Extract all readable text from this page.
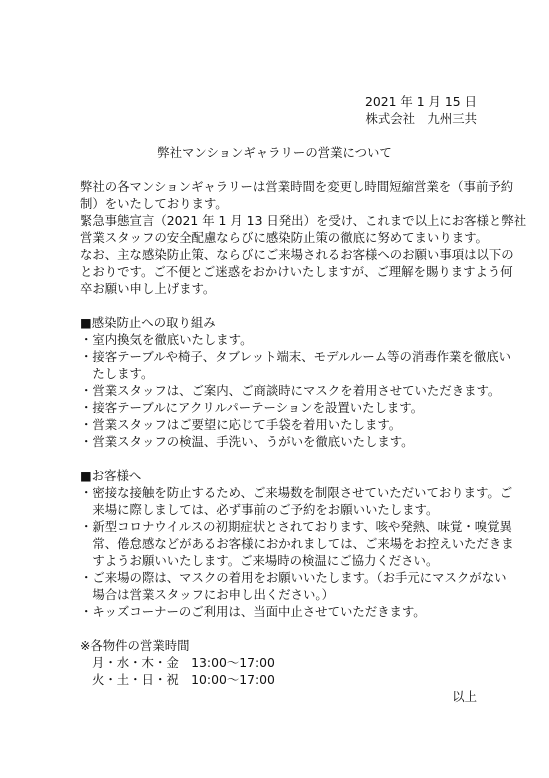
2021 年 1 月 15 日
株式会社　九州三共
弊社マンションギャラリーの営業について
弊社の各マンションギャラリーは営業時間を変更し時間短縮営業を（事前予約
制）をいたしております。
緊急事態宣言（2021 年 1 月 13 日発出）を受け、これまで以上にお客様と弊社
営業スタッフの安全配慮ならびに感染防止策の徹底に努めてまいります。
なお、主な感染防止策、ならびにご来場されるお客様へのお願い事項は以下の
とおりです。ご不便とご迷惑をおかけいたしますが、ご理解を賜りますよう何
卒お願い申し上げます。
■感染防止への取り組み
・室内換気を徹底いたします。
・接客テーブルや椅子、タブレット端末、モデルルーム等の消毒作業を徹底い
　たします。
・営業スタッフは、ご案内、ご商談時にマスクを着用させていただきます。
・接客テーブルにアクリルパーテーションを設置いたします。
・営業スタッフはご要望に応じて手袋を着用いたします。
・営業スタッフの検温、手洗い、うがいを徹底いたします。
■お客様へ
・密接な接触を防止するため、ご来場数を制限させていただいております。ご
　来場に際しましては、必ず事前のご予約をお願いいたします。
・新型コロナウイルスの初期症状とされております、咳や発熱、味覚・嗅覚異
　常、倦怠感などがあるお客様におかれましては、ご来場をお控えいただきま
　すようお願いいたします。ご来場時の検温にご協力ください。
・ご来場の際は、マスクの着用をお願いいたします。（お手元にマスクがない
　場合は営業スタッフにお申し出ください。）
・キッズコーナーのご利用は、当面中止させていただきます。
※各物件の営業時間
月・水・木・金　13:00～17:00
火・土・日・祝　10:00～17:00
以上
